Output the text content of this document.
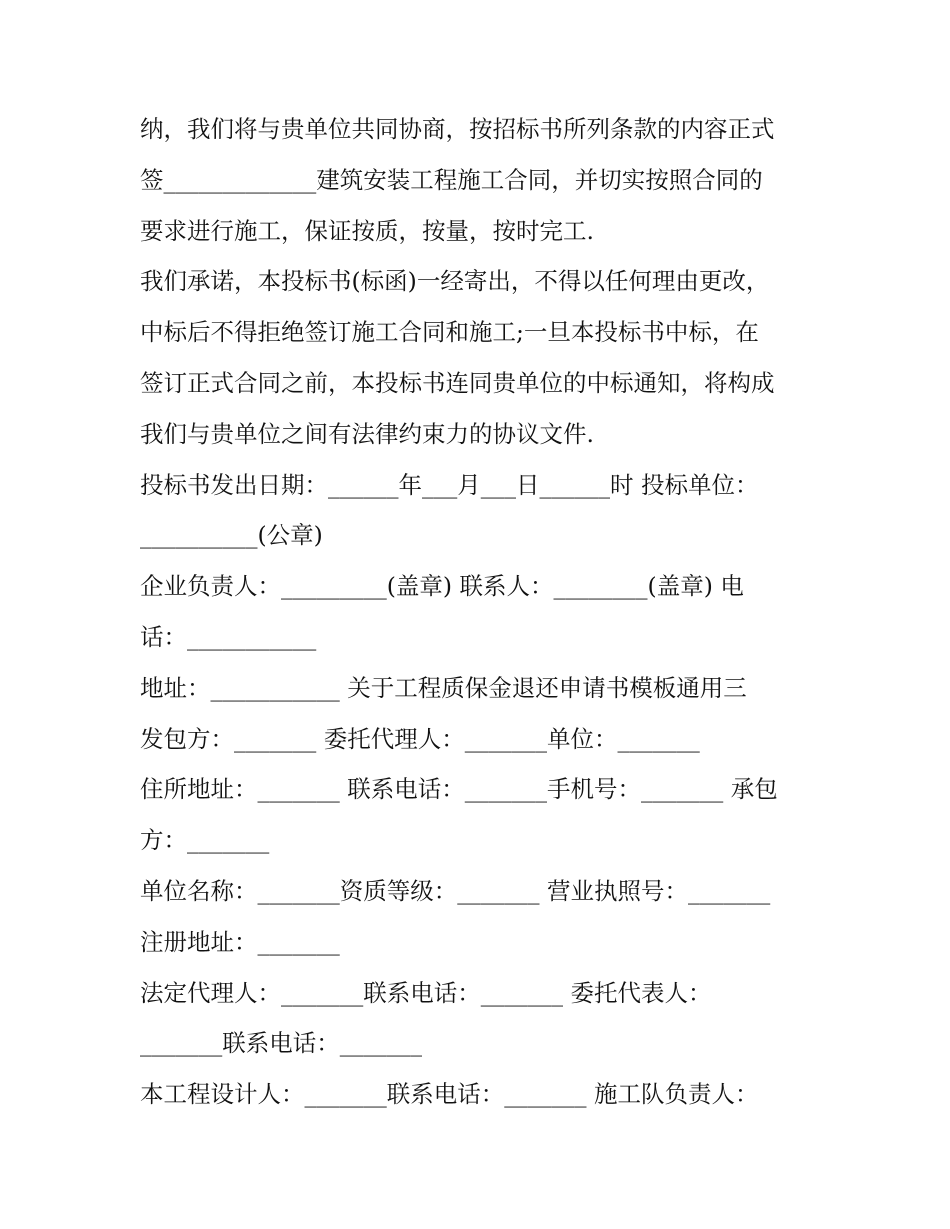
纳，我们将与贵单位共同协商，按招标书所列条款的内容正式
签_____________建筑安装工程施工合同，并切实按照合同的
要求进行施工，保证按质，按量，按时完工.
我们承诺，本投标书(标函)一经寄出，不得以任何理由更改，
中标后不得拒绝签订施工合同和施工;一旦本投标书中标，在
签订正式合同之前，本投标书连同贵单位的中标通知，将构成
我们与贵单位之间有法律约束力的协议文件.
投标书发出日期：______年___月___日______时 投标单位：
__________(公章)
企业负责人：_________(盖章) 联系人：________(盖章) 电
话：___________
地址：___________ 关于工程质保金退还申请书模板通用三
发包方：_______ 委托代理人：_______单位：_______
住所地址：_______ 联系电话：_______手机号：_______ 承包
方：_______
单位名称：_______资质等级：_______ 营业执照号：_______
注册地址：_______
法定代理人：_______联系电话：_______ 委托代表人：
_______联系电话：_______
本工程设计人：_______联系电话：_______ 施工队负责人：
